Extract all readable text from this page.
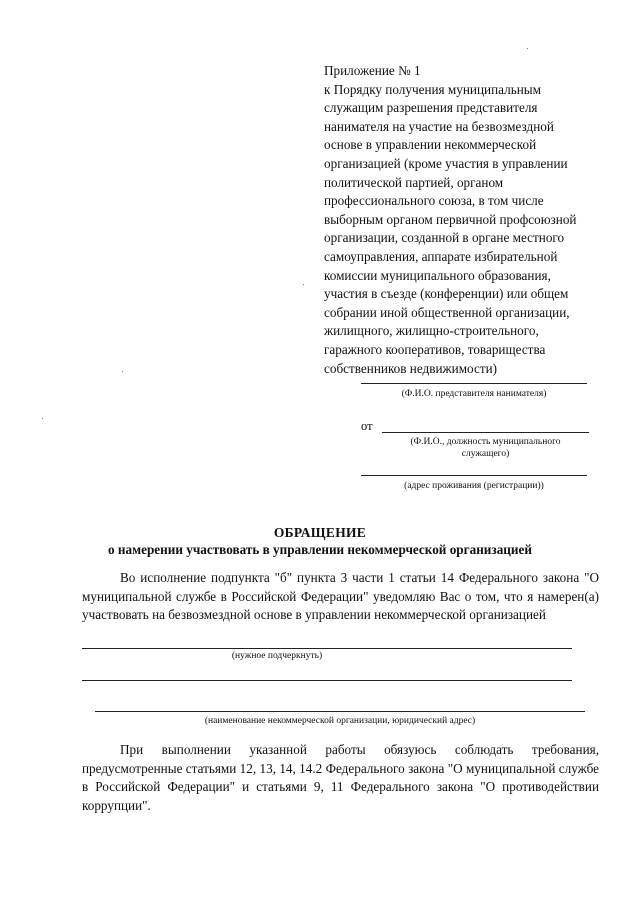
Приложение № 1
к Порядку получения муниципальным
служащим разрешения представителя
нанимателя на участие на безвозмездной
основе в управлении некоммерческой
организацией (кроме участия в управлении
политической партией, органом
профессионального союза, в том числе
выборным органом первичной профсоюзной
организации, созданной в органе местного
самоуправления, аппарате избирательной
комиссии муниципального образования,
участия в съезде (конференции) или общем
собрании иной общественной организации,
жилищного, жилищно-строительного,
гаражного кооперативов, товарищества
собственников недвижимости)
(Ф.И.О. представителя нанимателя)
от
(Ф.И.О., должность муниципального
служащего)
(адрес проживания (регистрации))
ОБРАЩЕНИЕ
о намерении участвовать в управлении некоммерческой организацией
Во исполнение подпункта "б" пункта 3 части 1 статьи 14 Федерального закона "О муниципальной службе в Российской Федерации" уведомляю Вас о том, что я намерен(а) участвовать на безвозмездной основе в управлении некоммерческой организацией
(нужное подчеркнуть)
(наименование некоммерческой организации, юридический адрес)
При выполнении указанной работы обязуюсь соблюдать требования, предусмотренные статьями 12, 13, 14, 14.2 Федерального закона "О муниципальной службе в Российской Федерации" и статьями 9, 11 Федерального закона "О противодействии коррупции".
